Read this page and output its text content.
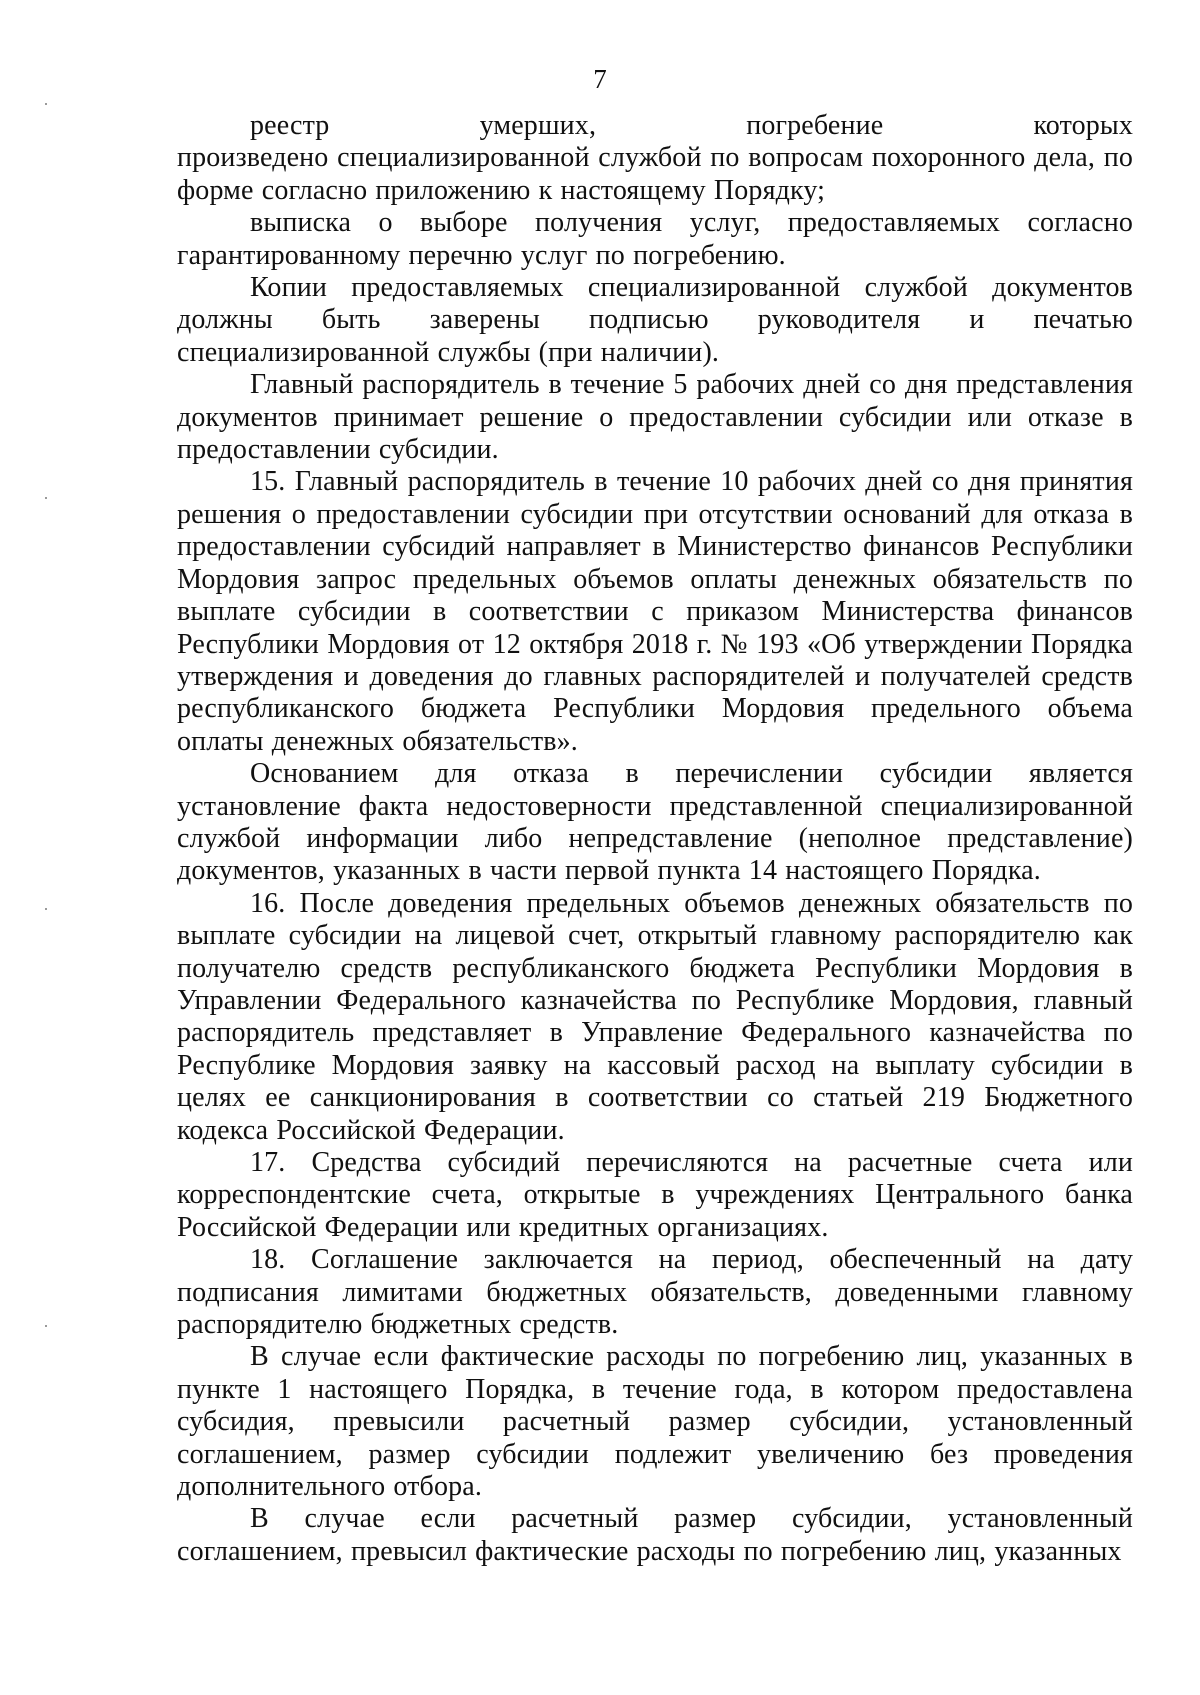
7

реестр умерших, погребение которых произведено специализированной службой по вопросам похоронного дела, по форме согласно приложению к настоящему Порядку;

выписка о выборе получения услуг, предоставляемых согласно гарантированному перечню услуг по погребению.

Копии предоставляемых специализированной службой документов должны быть заверены подписью руководителя и печатью специализированной службы (при наличии).

Главный распорядитель в течение 5 рабочих дней со дня представления документов принимает решение о предоставлении субсидии или отказе в предоставлении субсидии.

15. Главный распорядитель в течение 10 рабочих дней со дня принятия решения о предоставлении субсидии при отсутствии оснований для отказа в предоставлении субсидий направляет в Министерство финансов Республики Мордовия запрос предельных объемов оплаты денежных обязательств по выплате субсидии в соответствии с приказом Министерства финансов Республики Мордовия от 12 октября 2018 г. № 193 «Об утверждении Порядка утверждения и доведения до главных распорядителей и получателей средств республиканского бюджета Республики Мордовия предельного объема оплаты денежных обязательств».

Основанием для отказа в перечислении субсидии является установление факта недостоверности представленной специализированной службой информации либо непредставление (неполное представление) документов, указанных в части первой пункта 14 настоящего Порядка.

16. После доведения предельных объемов денежных обязательств по выплате субсидии на лицевой счет, открытый главному распорядителю как получателю средств республиканского бюджета Республики Мордовия в Управлении Федерального казначейства по Республике Мордовия, главный распорядитель представляет в Управление Федерального казначейства по Республике Мордовия заявку на кассовый расход на выплату субсидии в целях ее санкционирования в соответствии со статьей 219 Бюджетного кодекса Российской Федерации.

17. Средства субсидий перечисляются на расчетные счета или корреспондентские счета, открытые в учреждениях Центрального банка Российской Федерации или кредитных организациях.

18. Соглашение заключается на период, обеспеченный на дату подписания лимитами бюджетных обязательств, доведенными главному распорядителю бюджетных средств.

В случае если фактические расходы по погребению лиц, указанных в пункте 1 настоящего Порядка, в течение года, в котором предоставлена субсидия, превысили расчетный размер субсидии, установленный соглашением, размер субсидии подлежит увеличению без проведения дополнительного отбора.

В случае если расчетный размер субсидии, установленный соглашением, превысил фактические расходы по погребению лиц, указанных
